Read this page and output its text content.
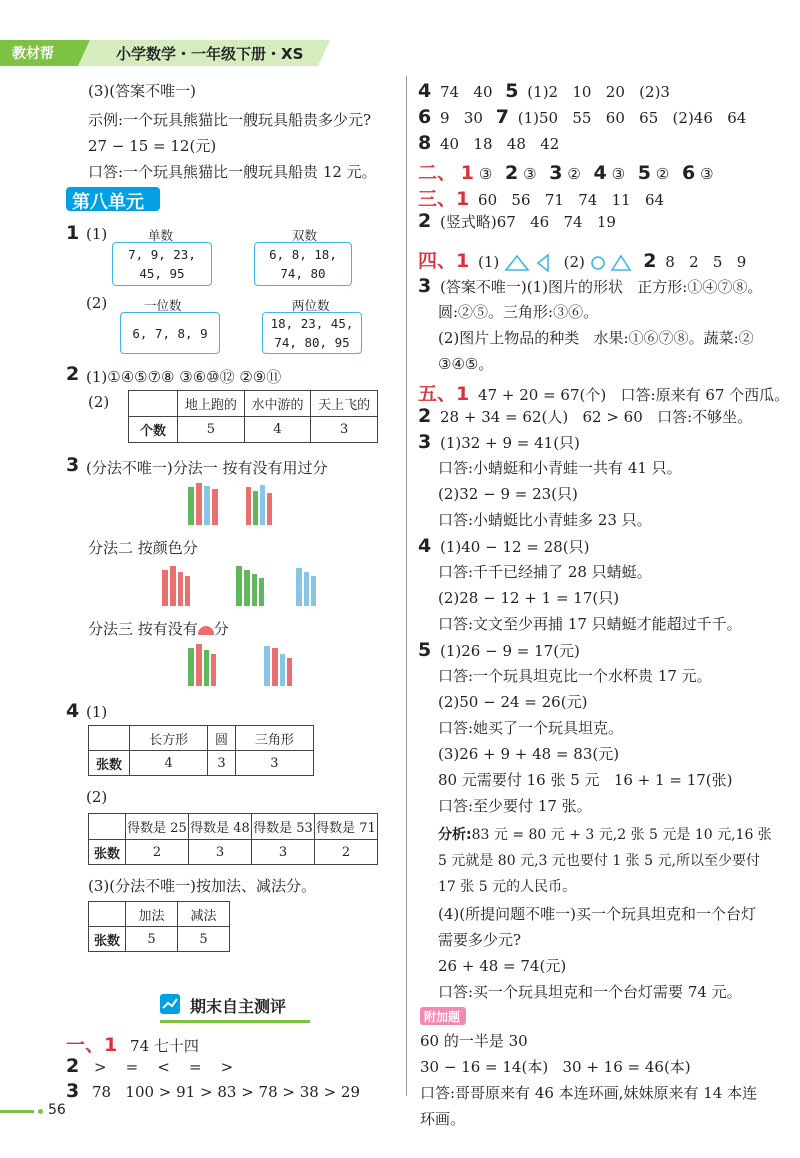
教材帮	小学数学・一年级下册・XS
(3)(答案不唯一)
示例:一个玩具熊猫比一艘玩具船贵多少元?
27 − 15 = 12(元)
口答:一个玩具熊猫比一艘玩具船贵 12 元。
第八单元
1 (1)	单数	双数
7, 9, 23,
45, 95
6, 8, 18,
74, 80
(2)	一位数	两位数
6, 7, 8, 9
18, 23, 45,
74, 80, 95
2 (1)①④⑤⑦⑧ ③⑥⑩⑫ ②⑨⑪
(2)
		地上跑的	水中游的	天上飞的
个数	5	4	3
3 (分法不唯一)分法一 按有没有用过分
分法二 按颜色分
分法三 按有没有 分
4 (1)
	长方形	圆	三角形
张数	4	3	3
(2)
	得数是 25	得数是 48	得数是 53	得数是 71
张数	2	3	3	2
(3)(分法不唯一)按加法、减法分。
	加法	减法
张数	5	5
期末自主测评
一、1 74 七十四
2 >    =    <    =    >
3 78   100 > 91 > 83 > 78 > 38 > 29
56
4 74   40 5 (1)2   10   20   (2)3
6 9   30 7 (1)50   55   60   65   (2)46   64
8 40   18   48   42
二、 1 ③ 2 ③ 3 ② 4 ③ 5 ② 6 ③
三、1 60   56   71   74   11   64
2 (竖式略)67   46   74   19
四、1 (1)	(2)	2 8   2   5   9
3 (答案不唯一)(1)图片的形状   正方形:①④⑦⑧。
圆:②⑤。三角形:③⑥。
(2)图片上物品的种类   水果:①⑥⑦⑧。蔬菜:②
③④⑤。
五、1 47 + 20 = 67(个)   口答:原来有 67 个西瓜。
2 28 + 34 = 62(人)   62 > 60   口答:不够坐。
3 (1)32 + 9 = 41(只)
口答:小蜻蜓和小青蛙一共有 41 只。
(2)32 − 9 = 23(只)
口答:小蜻蜓比小青蛙多 23 只。
4 (1)40 − 12 = 28(只)
口答:千千已经捕了 28 只蜻蜓。
(2)28 − 12 + 1 = 17(只)
口答:文文至少再捕 17 只蜻蜓才能超过千千。
5 (1)26 − 9 = 17(元)
口答:一个玩具坦克比一个水杯贵 17 元。
(2)50 − 24 = 26(元)
口答:她买了一个玩具坦克。
(3)26 + 9 + 48 = 83(元)
80 元需要付 16 张 5 元   16 + 1 = 17(张)
口答:至少要付 17 张。
分析:83 元 = 80 元 + 3 元,2 张 5 元是 10 元,16 张
5 元就是 80 元,3 元也要付 1 张 5 元,所以至少要付
17 张 5 元的人民币。
(4)(所提问题不唯一)买一个玩具坦克和一个台灯
需要多少元?
26 + 48 = 74(元)
口答:买一个玩具坦克和一个台灯需要 74 元。
附加题
60 的一半是 30
30 − 16 = 14(本)   30 + 16 = 46(本)
口答:哥哥原来有 46 本连环画,妹妹原来有 14 本连
环画。
